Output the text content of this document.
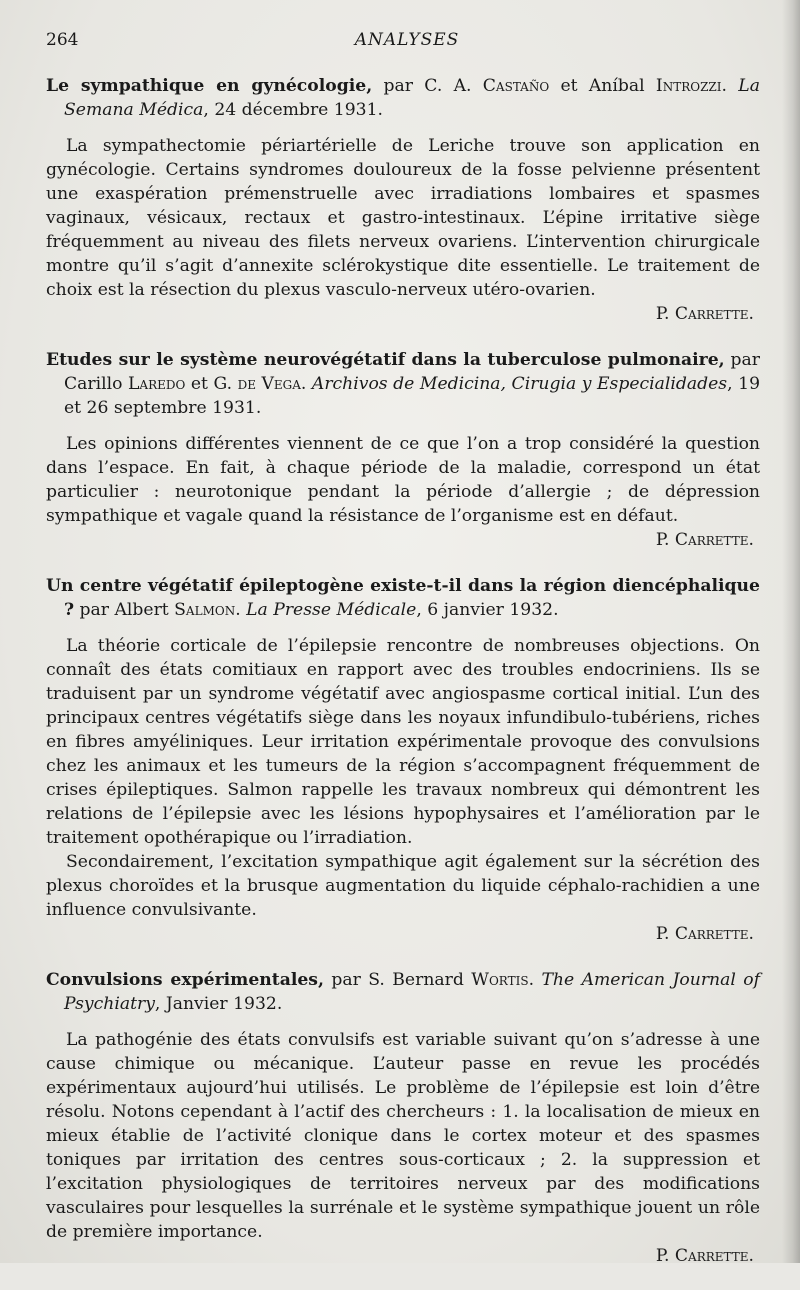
264	ANALYSES

Le sympathique en gynécologie, par C. A. Castaño et Aníbal Introzzi. La Semana Médica, 24 décembre 1931.

La sympathectomie périartérielle de Leriche trouve son application en gynécologie. Certains syndromes douloureux de la fosse pelvienne présentent une exaspération prémenstruelle avec irradiations lombaires et spasmes vaginaux, vésicaux, rectaux et gastro-intestinaux. L’épine irritative siège fréquemment au niveau des filets nerveux ovariens. L’intervention chirurgicale montre qu’il s’agit d’annexite sclérokystique dite essentielle. Le traitement de choix est la résection du plexus vasculo-nerveux utéro-ovarien.

P. Carrette.

Etudes sur le système neurovégétatif dans la tuberculose pulmonaire, par Carillo Laredo et G. de Vega. Archivos de Medicina, Cirugia y Especialidades, 19 et 26 septembre 1931.

Les opinions différentes viennent de ce que l’on a trop considéré la question dans l’espace. En fait, à chaque période de la maladie, correspond un état particulier : neurotonique pendant la période d’allergie ; de dépression sympathique et vagale quand la résistance de l’organisme est en défaut.

P. Carrette.

Un centre végétatif épileptogène existe-t-il dans la région diencéphalique ? par Albert Salmon. La Presse Médicale, 6 janvier 1932.

La théorie corticale de l’épilepsie rencontre de nombreuses objections. On connaît des états comitiaux en rapport avec des troubles endocriniens. Ils se traduisent par un syndrome végétatif avec angiospasme cortical initial. L’un des principaux centres végétatifs siège dans les noyaux infundibulo-tubériens, riches en fibres amyéliniques. Leur irritation expérimentale provoque des convulsions chez les animaux et les tumeurs de la région s’accompagnent fréquemment de crises épileptiques. Salmon rappelle les travaux nombreux qui démontrent les relations de l’épilepsie avec les lésions hypophysaires et l’amélioration par le traitement opothérapique ou l’irradiation.

Secondairement, l’excitation sympathique agit également sur la sécrétion des plexus choroïdes et la brusque augmentation du liquide céphalo-rachidien a une influence convulsivante.

P. Carrette.

Convulsions expérimentales, par S. Bernard Wortis. The American Journal of Psychiatry, Janvier 1932.

La pathogénie des états convulsifs est variable suivant qu’on s’adresse à une cause chimique ou mécanique. L’auteur passe en revue les procédés expérimentaux aujourd’hui utilisés. Le problème de l’épilepsie est loin d’être résolu. Notons cependant à l’actif des chercheurs : 1. la localisation de mieux en mieux établie de l’activité clonique dans le cortex moteur et des spasmes toniques par irritation des centres sous-corticaux ; 2. la suppression et l’excitation physiologiques de territoires nerveux par des modifications vasculaires pour lesquelles la surrénale et le système sympathique jouent un rôle de première importance.

P. Carrette.
